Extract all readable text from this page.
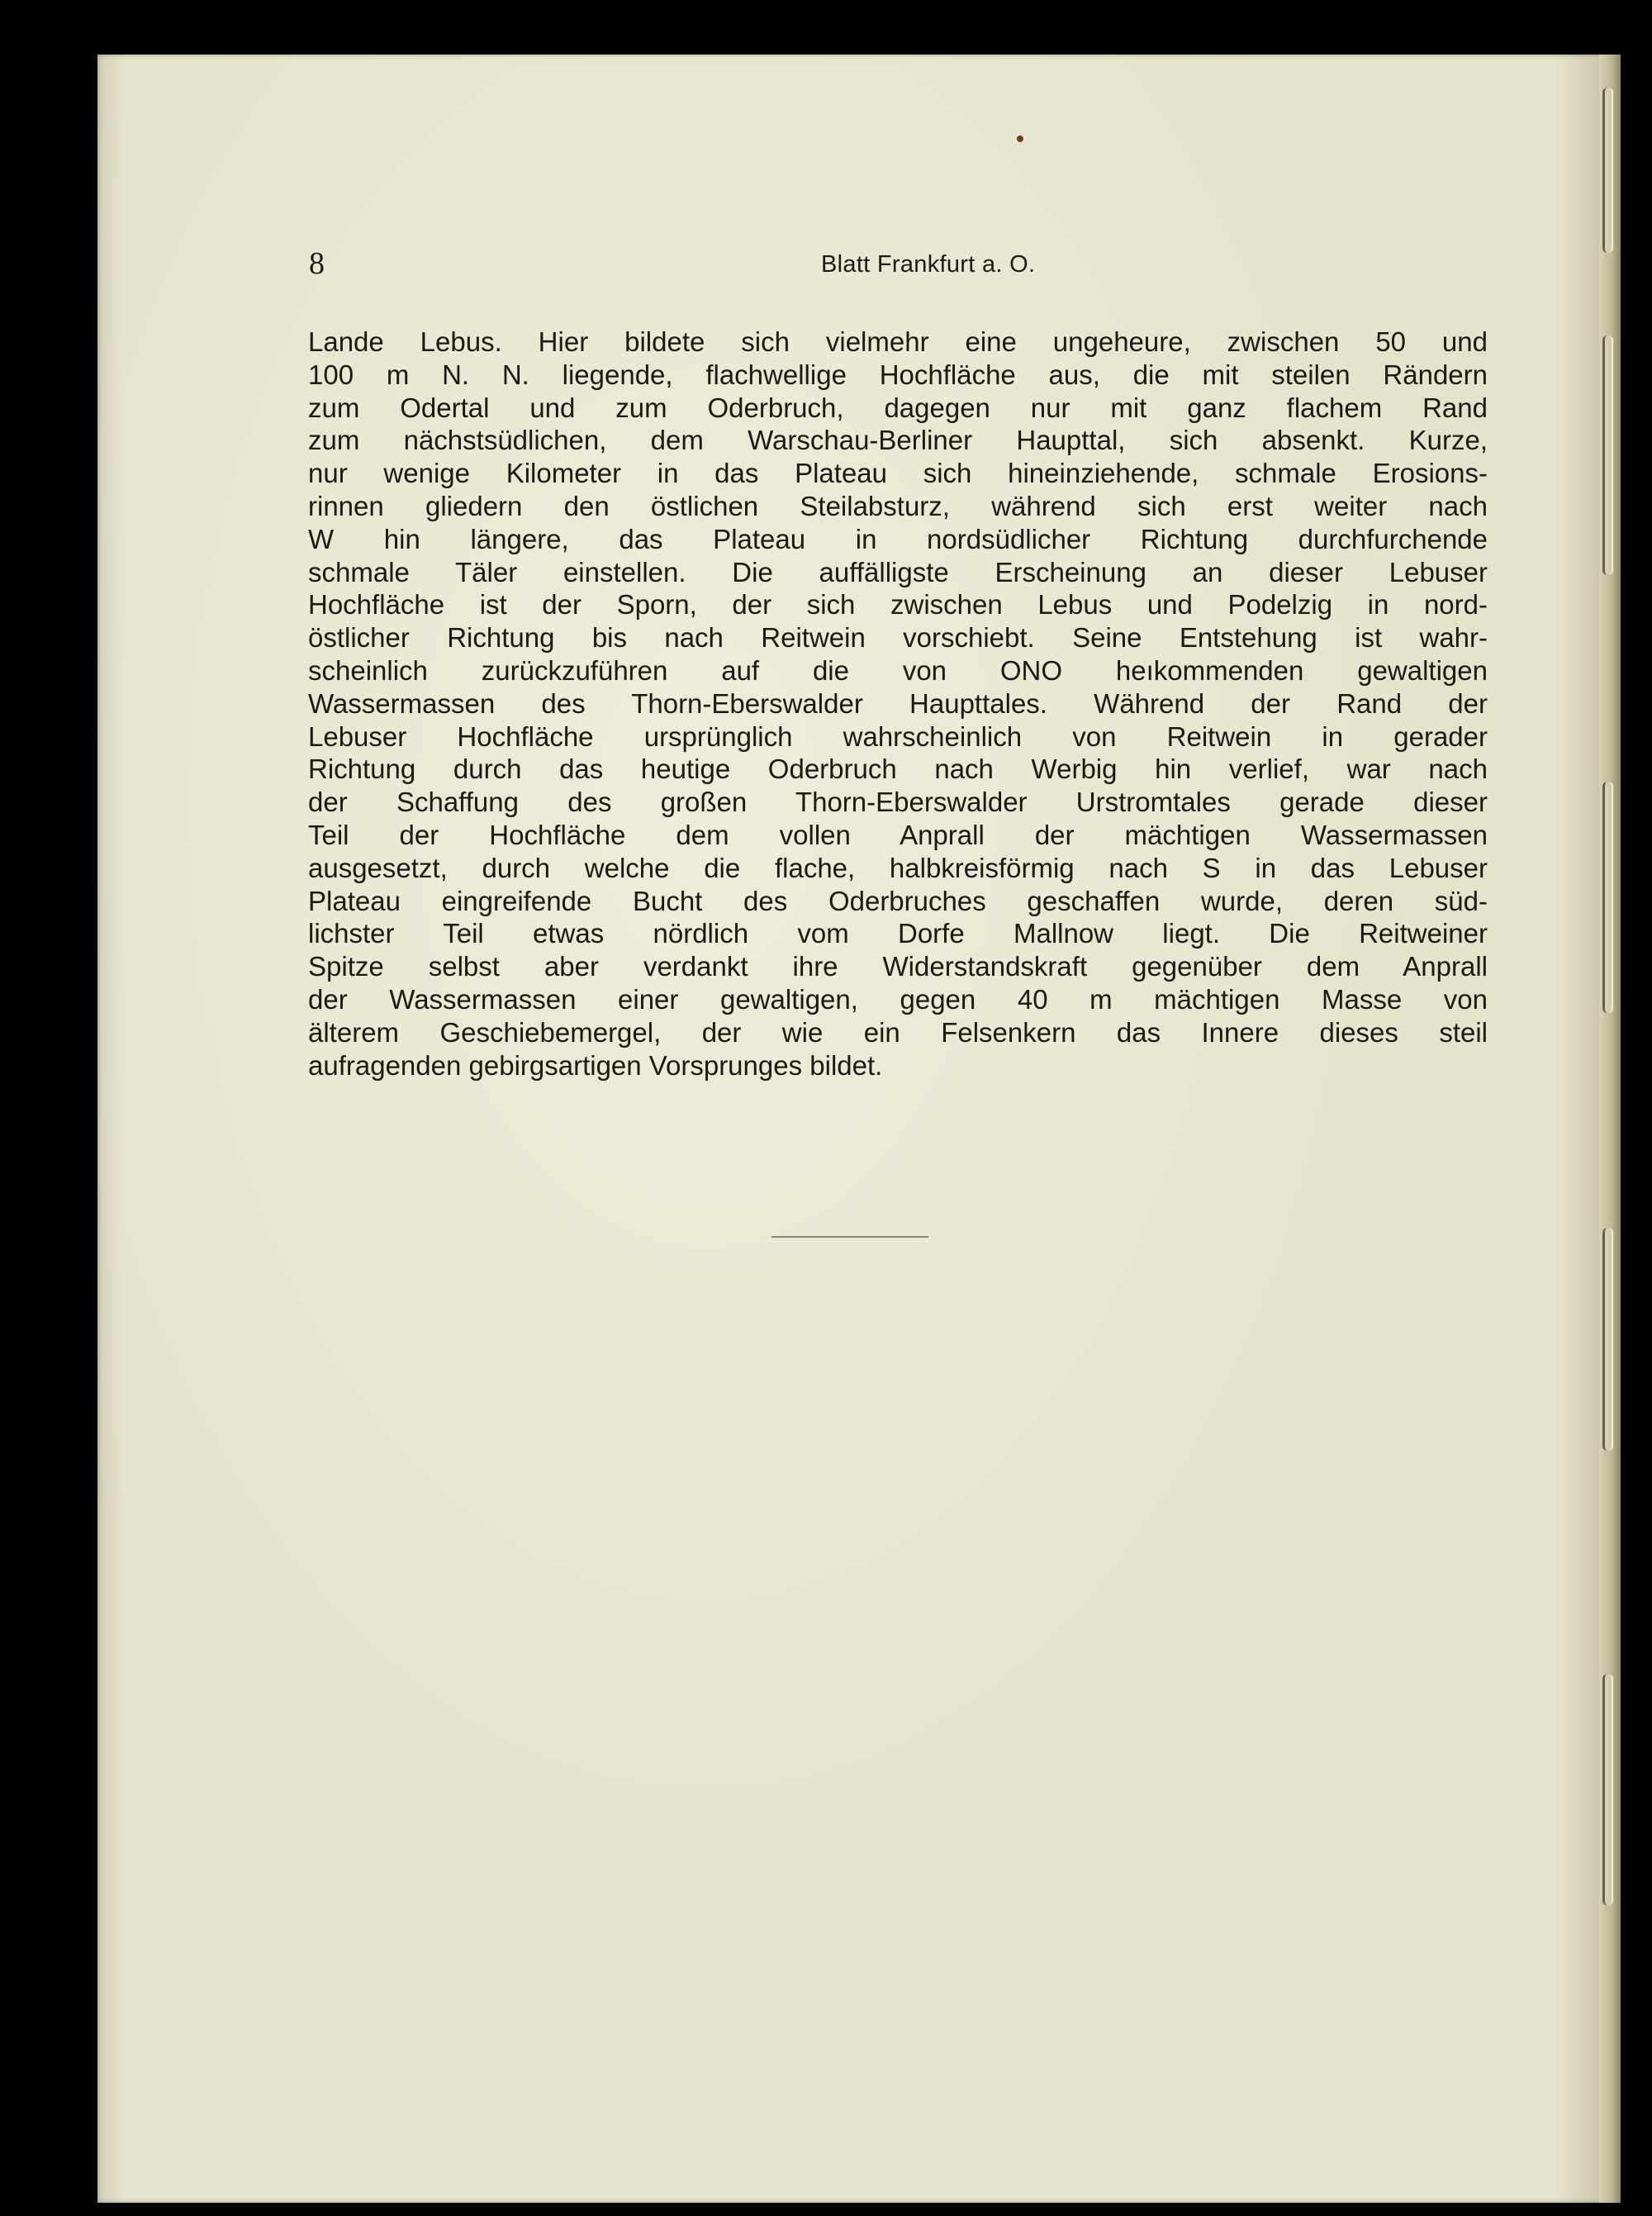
8	Blatt Frankfurt a. O.
Lande Lebus. Hier bildete sich vielmehr eine ungeheure, zwischen 50 und
100 m N. N. liegende, flachwellige Hochfläche aus, die mit steilen Rändern
zum Odertal und zum Oderbruch, dagegen nur mit ganz flachem Rand
zum nächstsüdlichen, dem Warschau-Berliner Haupttal, sich absenkt. Kurze,
nur wenige Kilometer in das Plateau sich hineinziehende, schmale Erosions-
rinnen gliedern den östlichen Steilabsturz, während sich erst weiter nach
W hin längere, das Plateau in nordsüdlicher Richtung durchfurchende
schmale Täler einstellen. Die auffälligste Erscheinung an dieser Lebuser
Hochfläche ist der Sporn, der sich zwischen Lebus und Podelzig in nord-
östlicher Richtung bis nach Reitwein vorschiebt. Seine Entstehung ist wahr-
scheinlich zurückzuführen auf die von ONO heıkommenden gewaltigen
Wassermassen des Thorn-Eberswalder Haupttales. Während der Rand der
Lebuser Hochfläche ursprünglich wahrscheinlich von Reitwein in gerader
Richtung durch das heutige Oderbruch nach Werbig hin verlief, war nach
der Schaffung des großen Thorn-Eberswalder Urstromtales gerade dieser
Teil der Hochfläche dem vollen Anprall der mächtigen Wassermassen
ausgesetzt, durch welche die flache, halbkreisförmig nach S in das Lebuser
Plateau eingreifende Bucht des Oderbruches geschaffen wurde, deren süd-
lichster Teil etwas nördlich vom Dorfe Mallnow liegt. Die Reitweiner
Spitze selbst aber verdankt ihre Widerstandskraft gegenüber dem Anprall
der Wassermassen einer gewaltigen, gegen 40 m mächtigen Masse von
älterem Geschiebemergel, der wie ein Felsenkern das Innere dieses steil
aufragenden gebirgsartigen Vorsprunges bildet.
